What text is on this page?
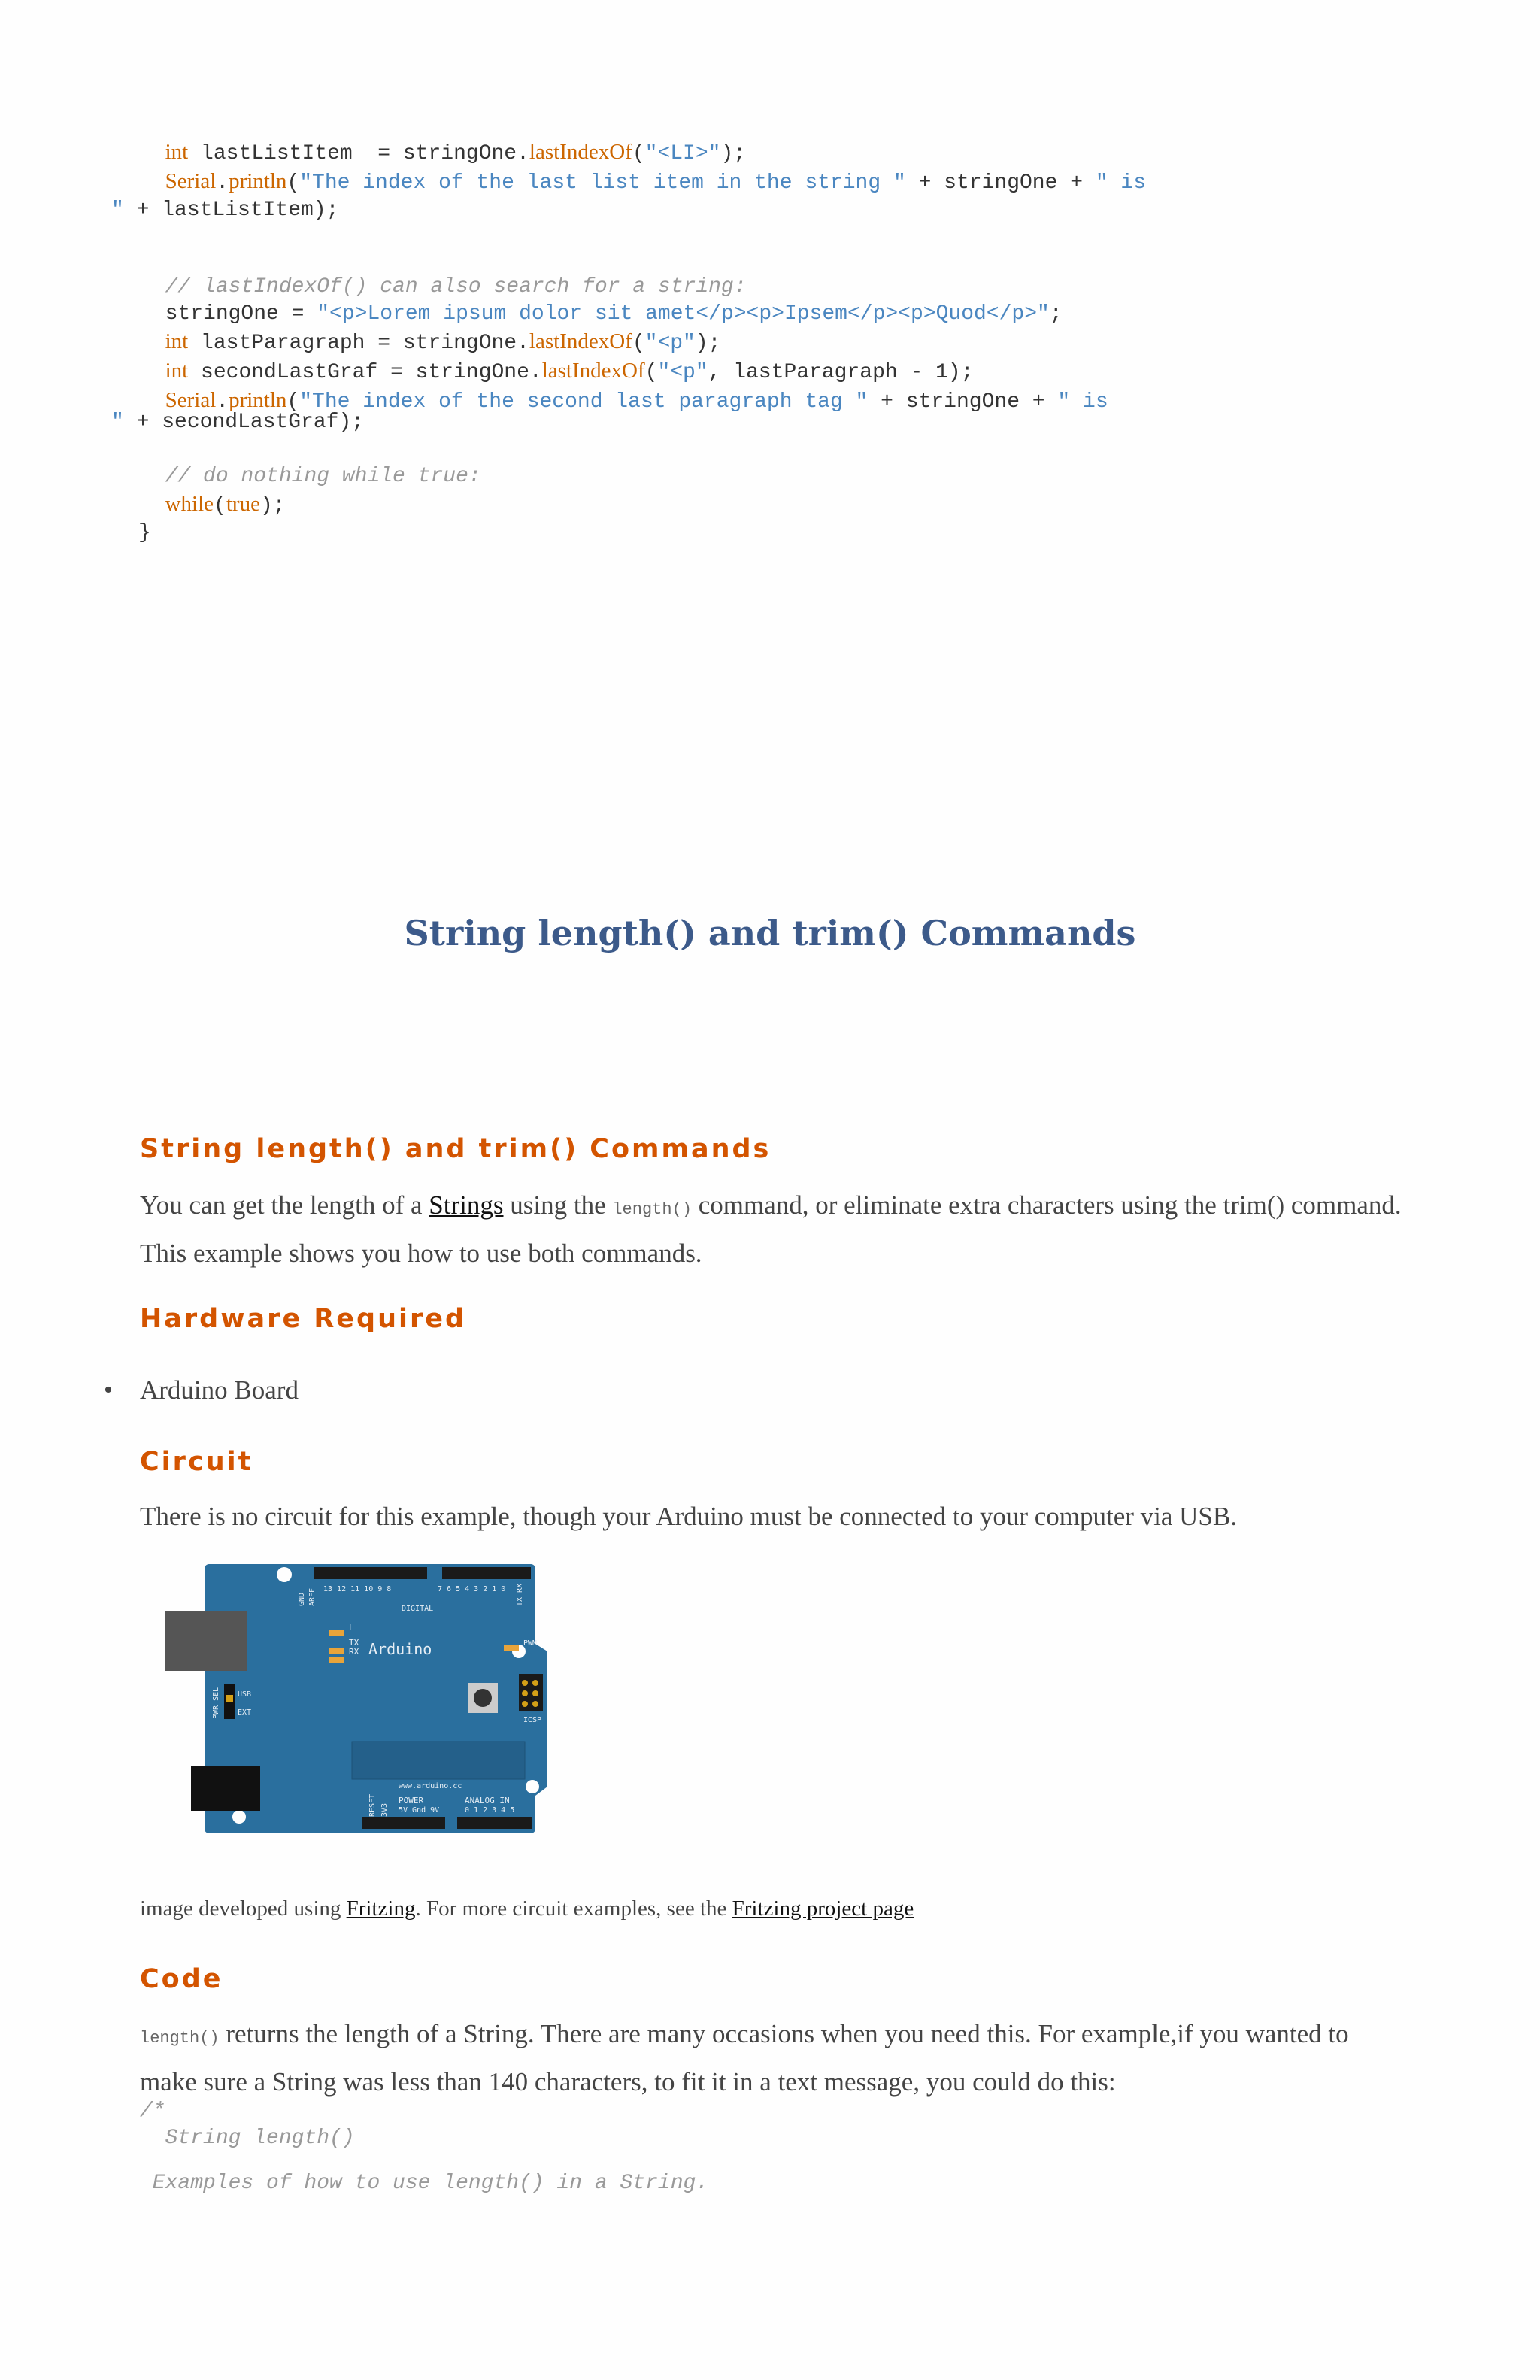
int lastListItem  = stringOne.lastIndexOf("<LI>");
Serial.println("The index of the last list item in the string " + stringOne + " is
" + lastListItem);

// lastIndexOf() can also search for a string:
stringOne = "<p>Lorem ipsum dolor sit amet</p><p>Ipsem</p><p>Quod</p>";
int lastParagraph = stringOne.lastIndexOf("<p");
int secondLastGraf = stringOne.lastIndexOf("<p", lastParagraph - 1);
Serial.println("The index of the second last paragraph tag " + stringOne + " is

" + secondLastGraf);
// do nothing while true:
while(true);
}
String length() and trim() Commands
String length() and trim() Commands

You can get the length of a Strings using the length() command, or eliminate extra characters using the trim() command. This example shows you how to use both commands.

Hardware Required
• Arduino Board

Circuit

There is no circuit for this example, though your Arduino must be connected to your computer via USB.

Arduino
DIGITAL
www.arduino.cc
POWER
5V Gnd 9V
ANALOG IN
0 1 2 3 4 5
ICSP
PWM
USB
EXT
TX
RX
L
13 12 11 10 9 8	7 6 5 4 3 2 1 0
AREF
GND	TX RX
PWR SEL
RESET 3V3

image developed using Fritzing. For more circuit examples, see the Fritzing project page

Code

length() returns the length of a String. There are many occasions when you need this. For example,if you wanted to make sure a String was less than 140 characters, to fit it in a text message, you could do this:

/*
String length()

Examples of how to use length() in a String.
